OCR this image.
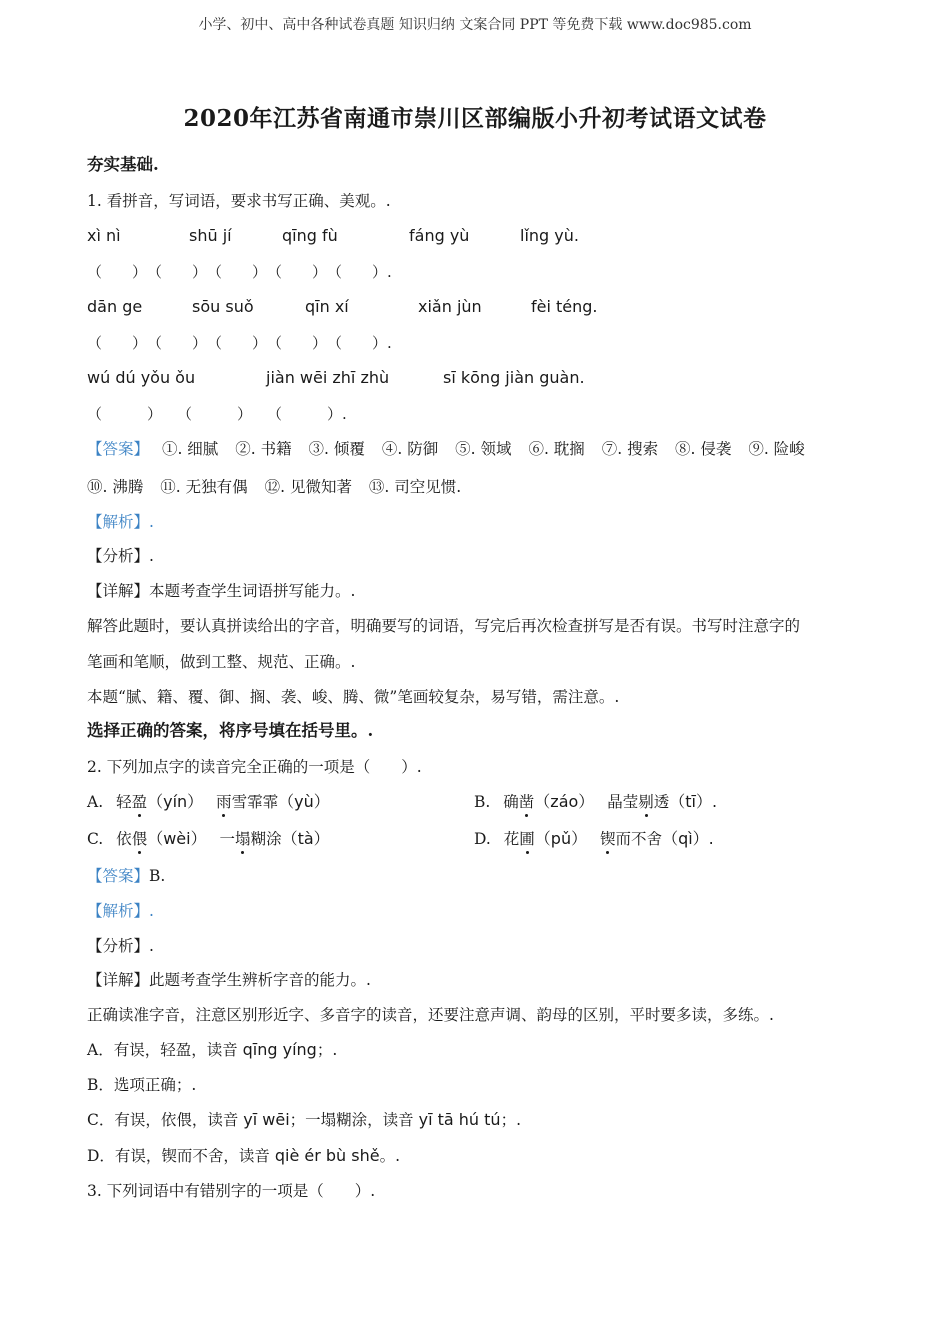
小学、初中、高中各种试卷真题 知识归纳 文案合同 PPT 等免费下载 www.doc985.com
2020年江苏省南通市崇川区部编版小升初考试语文试卷
夯实基础.
1. 看拼音，写词语，要求书写正确、美观。.
xì nì	shū jí	qīng fù	fáng yù	lǐng yù.
（　　）　（　　）　（　　）　（　　）　（　　）.
dān ge	sōu suǒ	qīn xí	xiǎn jùn	fèi téng.
（　　）　（　　）　（　　）　（　　）　（　　）.
wú dú yǒu ǒu	jiàn wēi zhī zhù	sī kōng jiàn guàn.
（　　　）　　（　　　）　　（　　　）.
【答案】 ①. 细腻 ②. 书籍 ③. 倾覆 ④. 防御 ⑤. 领域 ⑥. 耽搁 ⑦. 搜索 ⑧. 侵袭 ⑨. 险峻
⑩. 沸腾 ⑪. 无独有偶 ⑫. 见微知著 ⑬. 司空见惯.
【解析】.
【分析】.
【详解】本题考查学生词语拼写能力。.
解答此题时，要认真拼读给出的字音，明确要写的词语，写完后再次检查拼写是否有误。书写时注意字的
笔画和笔顺，做到工整、规范、正确。.
本题“腻、籍、覆、御、搁、袭、峻、腾、微”笔画较复杂，易写错，需注意。.
选择正确的答案，将序号填在括号里。.
2. 下列加点字的读音完全正确的一项是（　　）.
A. 轻盈（yín） 雨雪霏霏（yù）	B. 确凿（záo） 晶莹剔透（tī）.
C. 依偎（wèi） 一塌糊涂（tà）	D. 花圃（pǔ） 锲而不舍（qì）.
【答案】B.
【解析】.
【分析】.
【详解】此题考查学生辨析字音的能力。.
正确读准字音，注意区别形近字、多音字的读音，还要注意声调、韵母的区别，平时要多读，多练。.
A．有误，轻盈，读音 qīng yíng；.
B．选项正确；.
C．有误，依偎，读音 yī wēi；一塌糊涂，读音 yī tā hú tú；.
D．有误，锲而不舍，读音 qiè ér bù shě。.
3. 下列词语中有错别字的一项是（　　）.
